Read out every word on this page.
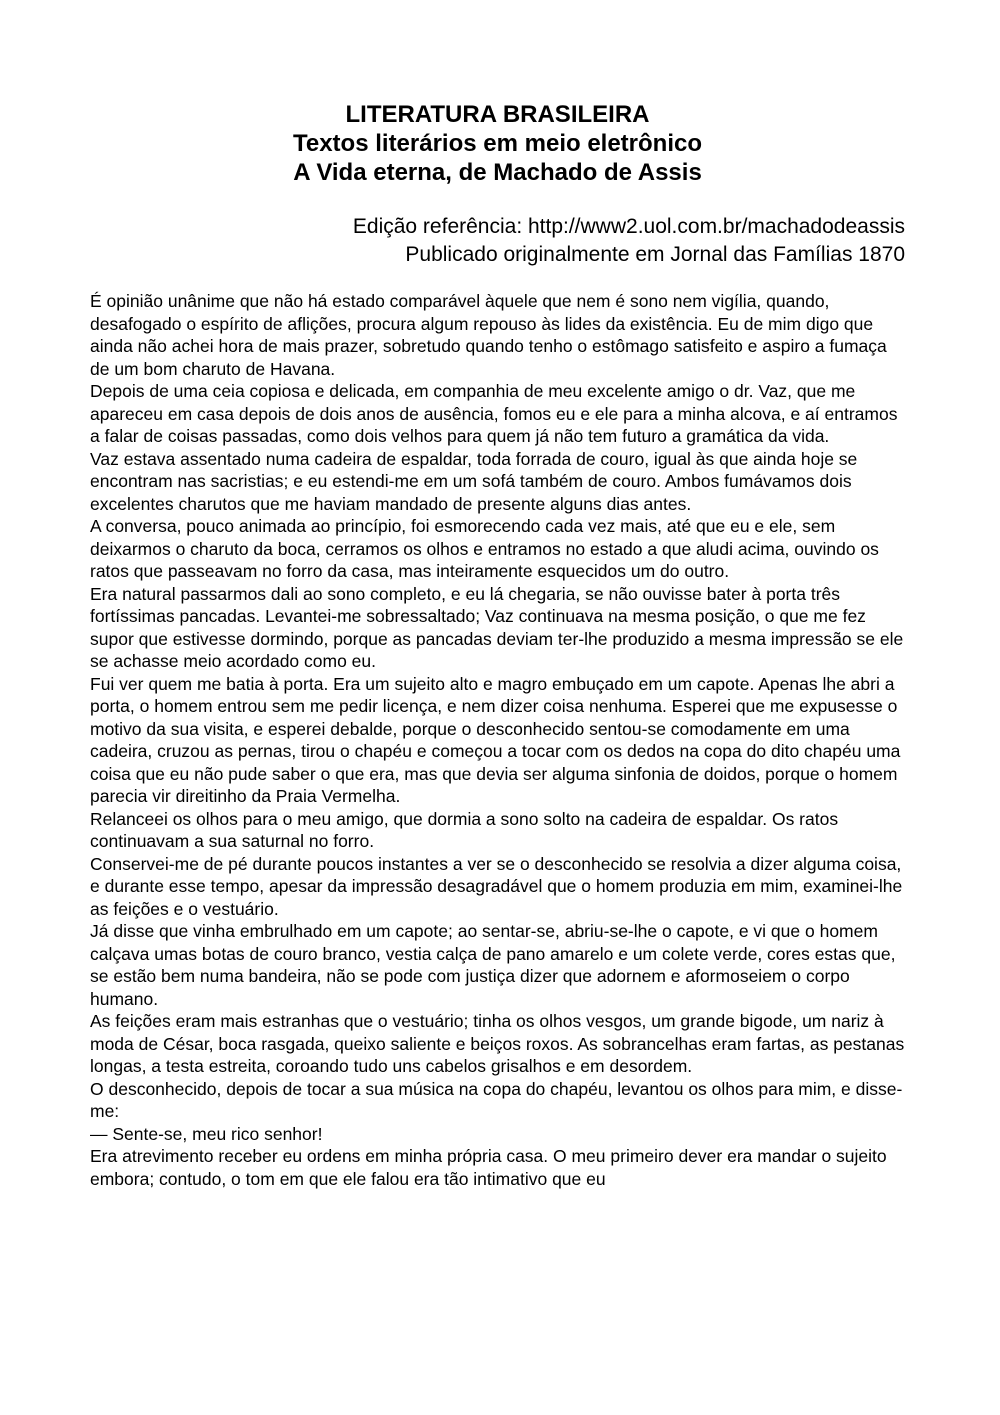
LITERATURA BRASILEIRA
Textos literários em meio eletrônico
A Vida eterna, de Machado de Assis
Edição referência: http://www2.uol.com.br/machadodeassis
Publicado originalmente em Jornal das Famílias 1870

É opinião unânime que não há estado comparável àquele que nem é sono nem vigília, quando, desafogado o espírito de aflições, procura algum repouso às lides da existência. Eu de mim digo que ainda não achei hora de mais prazer, sobretudo quando tenho o estômago satisfeito e aspiro a fumaça de um bom charuto de Havana.

Depois de uma ceia copiosa e delicada, em companhia de meu excelente amigo o dr. Vaz, que me apareceu em casa depois de dois anos de ausência, fomos eu e ele para a minha alcova, e aí entramos a falar de coisas passadas, como dois velhos para quem já não tem futuro a gramática da vida.

Vaz estava assentado numa cadeira de espaldar, toda forrada de couro, igual às que ainda hoje se encontram nas sacristias; e eu estendi-me em um sofá também de couro. Ambos fumávamos dois excelentes charutos que me haviam mandado de presente alguns dias antes.

A conversa, pouco animada ao princípio, foi esmorecendo cada vez mais, até que eu e ele, sem deixarmos o charuto da boca, cerramos os olhos e entramos no estado a que aludi acima, ouvindo os ratos que passeavam no forro da casa, mas inteiramente esquecidos um do outro.

Era natural passarmos dali ao sono completo, e eu lá chegaria, se não ouvisse bater à porta três fortíssimas pancadas. Levantei-me sobressaltado; Vaz continuava na mesma posição, o que me fez supor que estivesse dormindo, porque as pancadas deviam ter-lhe produzido a mesma impressão se ele se achasse meio acordado como eu.

Fui ver quem me batia à porta. Era um sujeito alto e magro embuçado em um capote. Apenas lhe abri a porta, o homem entrou sem me pedir licença, e nem dizer coisa nenhuma. Esperei que me expusesse o motivo da sua visita, e esperei debalde, porque o desconhecido sentou-se comodamente em uma cadeira, cruzou as pernas, tirou o chapéu e começou a tocar com os dedos na copa do dito chapéu uma coisa que eu não pude saber o que era, mas que devia ser alguma sinfonia de doidos, porque o homem parecia vir direitinho da Praia Vermelha.

Relanceei os olhos para o meu amigo, que dormia a sono solto na cadeira de espaldar. Os ratos continuavam a sua saturnal no forro.

Conservei-me de pé durante poucos instantes a ver se o desconhecido se resolvia a dizer alguma coisa, e durante esse tempo, apesar da impressão desagradável que o homem produzia em mim, examinei-lhe as feições e o vestuário.

Já disse que vinha embrulhado em um capote; ao sentar-se, abriu-se-lhe o capote, e vi que o homem calçava umas botas de couro branco, vestia calça de pano amarelo e um colete verde, cores estas que, se estão bem numa bandeira, não se pode com justiça dizer que adornem e aformoseiem o corpo humano.

As feições eram mais estranhas que o vestuário; tinha os olhos vesgos, um grande bigode, um nariz à moda de César, boca rasgada, queixo saliente e beiços roxos. As sobrancelhas eram fartas, as pestanas longas, a testa estreita, coroando tudo uns cabelos grisalhos e em desordem.

O desconhecido, depois de tocar a sua música na copa do chapéu, levantou os olhos para mim, e disse-me:

— Sente-se, meu rico senhor!

Era atrevimento receber eu ordens em minha própria casa. O meu primeiro dever era mandar o sujeito embora; contudo, o tom em que ele falou era tão intimativo que eu
